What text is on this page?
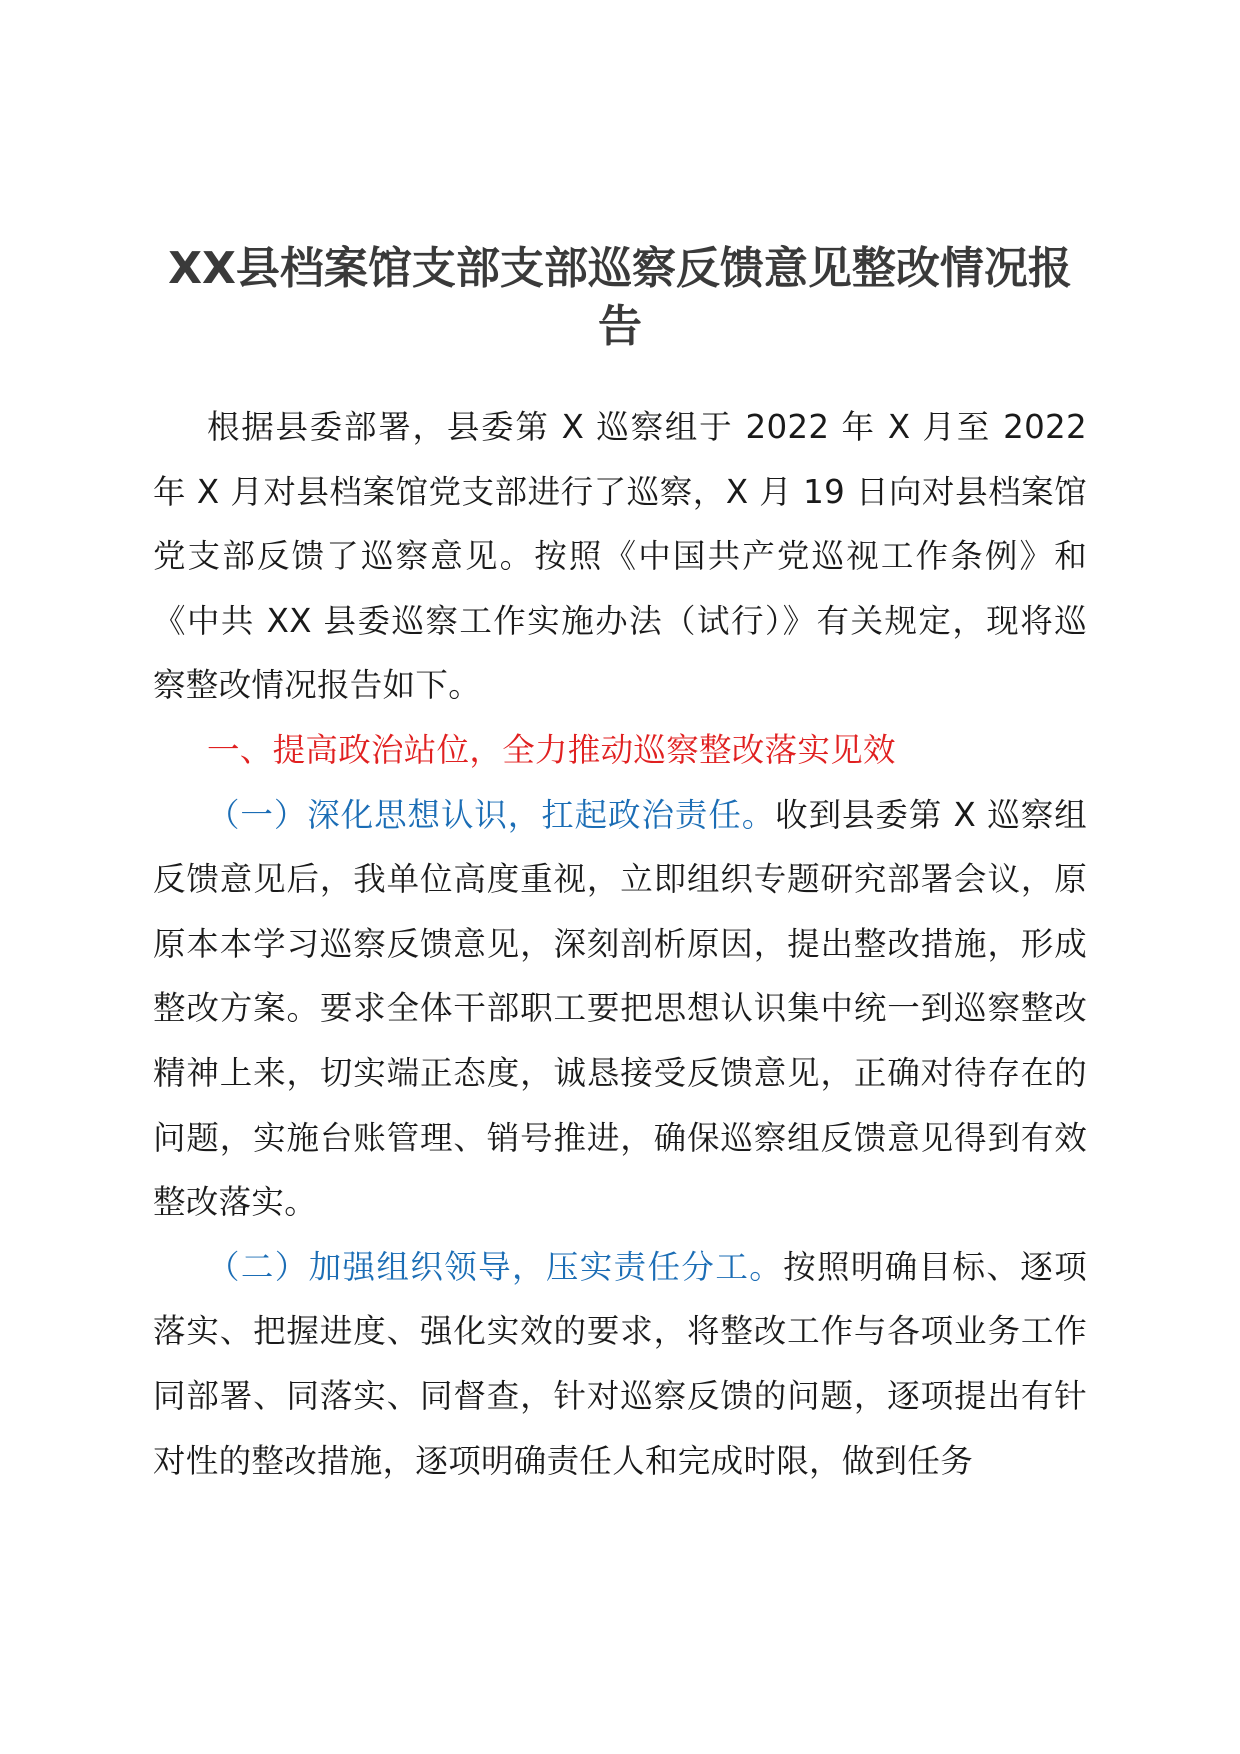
XX县档案馆支部支部巡察反馈意见整改情况报告

根据县委部署，县委第 X 巡察组于 2022 年 X 月至 2022 年 X 月对县档案馆党支部进行了巡察，X 月 19 日向对县档案馆党支部反馈了巡察意见。按照《中国共产党巡视工作条例》和《中共 XX 县委巡察工作实施办法（试行）》有关规定，现将巡察整改情况报告如下。

一、提高政治站位，全力推动巡察整改落实见效

（一）深化思想认识，扛起政治责任。收到县委第 X 巡察组反馈意见后，我单位高度重视，立即组织专题研究部署会议，原原本本学习巡察反馈意见，深刻剖析原因，提出整改措施，形成整改方案。要求全体干部职工要把思想认识集中统一到巡察整改精神上来，切实端正态度，诚恳接受反馈意见，正确对待存在的问题，实施台账管理、销号推进，确保巡察组反馈意见得到有效整改落实。

（二）加强组织领导，压实责任分工。按照明确目标、逐项落实、把握进度、强化实效的要求，将整改工作与各项业务工作同部署、同落实、同督查，针对巡察反馈的问题，逐项提出有针对性的整改措施，逐项明确责任人和完成时限，做到任务
